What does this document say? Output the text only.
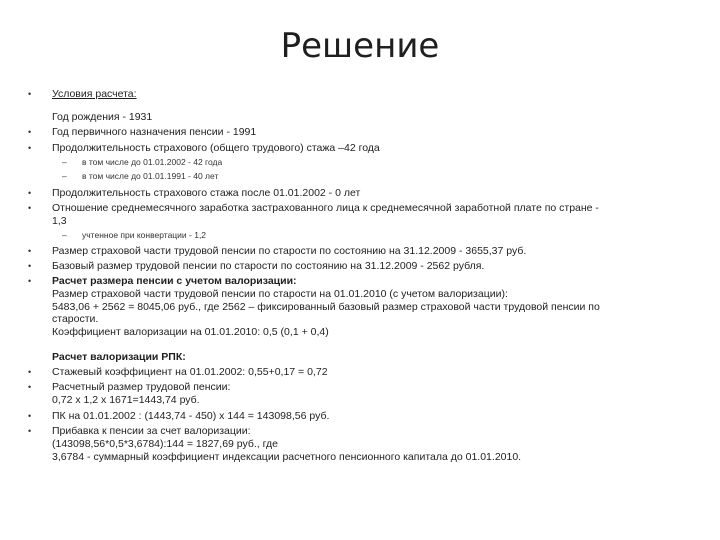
Решение
•
•
•
•
•
•
•
•
•
•
•
•
Условия расчета:
Год рождения - 1931
Год первичного назначения пенсии - 1991
Продолжительность страхового (общего трудового) стажа –42 года
– в том числе до 01.01.2002 - 42 года
– в том числе до 01.01.1991 - 40 лет
Продолжительность страхового стажа после 01.01.2002 - 0 лет
Отношение среднемесячного заработка застрахованного лица к среднемесячной заработной плате по стране -
1,3
– учтенное при конвертации - 1,2
Размер страховой части трудовой пенсии по старости по состоянию на 31.12.2009 - 3655,37 руб.
Базовый размер трудовой пенсии по старости по состоянию на 31.12.2009 - 2562 рубля.
Расчет размера пенсии с учетом валоризации:
Размер страховой части трудовой пенсии по старости на 01.01.2010 (с учетом валоризации):
5483,06 + 2562 = 8045,06 руб., где 2562 – фиксированный базовый размер страховой части трудовой пенсии по
старости.
Коэффициент валоризации на 01.01.2010: 0,5 (0,1 + 0,4)
Расчет валоризации РПК:
Стажевый коэффициент на 01.01.2002: 0,55+0,17 = 0,72
Расчетный размер трудовой пенсии:
0,72 х 1,2 х 1671=1443,74 руб.
ПК на 01.01.2002 : (1443,74 - 450) х 144 = 143098,56 руб.
Прибавка к пенсии за счет валоризации:
(143098,56*0,5*3,6784):144 = 1827,69 руб., где
3,6784 - суммарный коэффициент индексации расчетного пенсионного капитала до 01.01.2010.
